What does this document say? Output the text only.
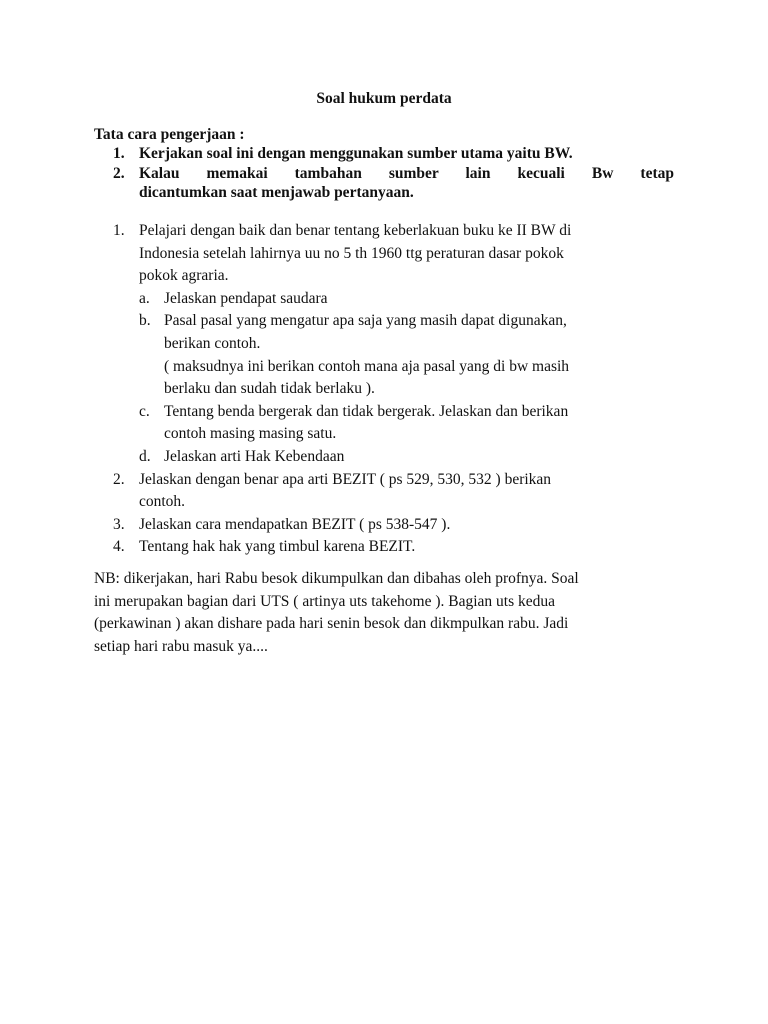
Soal hukum perdata
Tata cara pengerjaan :
1. Kerjakan soal ini dengan menggunakan sumber utama yaitu BW.
2. Kalau memakai tambahan sumber lain kecuali Bw tetap
dicantumkan saat menjawab pertanyaan.
1. Pelajari dengan baik dan benar tentang keberlakuan buku ke II BW di
Indonesia setelah lahirnya uu no 5 th 1960 ttg peraturan dasar pokok
pokok agraria.
a. Jelaskan pendapat saudara
b. Pasal pasal yang mengatur apa saja yang masih dapat digunakan,
berikan contoh.
( maksudnya ini berikan contoh mana aja pasal yang di bw masih
berlaku dan sudah tidak berlaku ).
c. Tentang benda bergerak dan tidak bergerak. Jelaskan dan berikan
contoh masing masing satu.
d. Jelaskan arti Hak Kebendaan
2. Jelaskan dengan benar apa arti BEZIT ( ps 529, 530, 532 ) berikan
contoh.
3. Jelaskan cara mendapatkan BEZIT ( ps 538-547 ).
4. Tentang hak hak yang timbul karena BEZIT.
NB: dikerjakan, hari Rabu besok dikumpulkan dan dibahas oleh profnya. Soal
ini merupakan bagian dari UTS ( artinya uts takehome ). Bagian uts kedua
(perkawinan ) akan dishare pada hari senin besok dan dikmpulkan rabu. Jadi
setiap hari rabu masuk ya....
